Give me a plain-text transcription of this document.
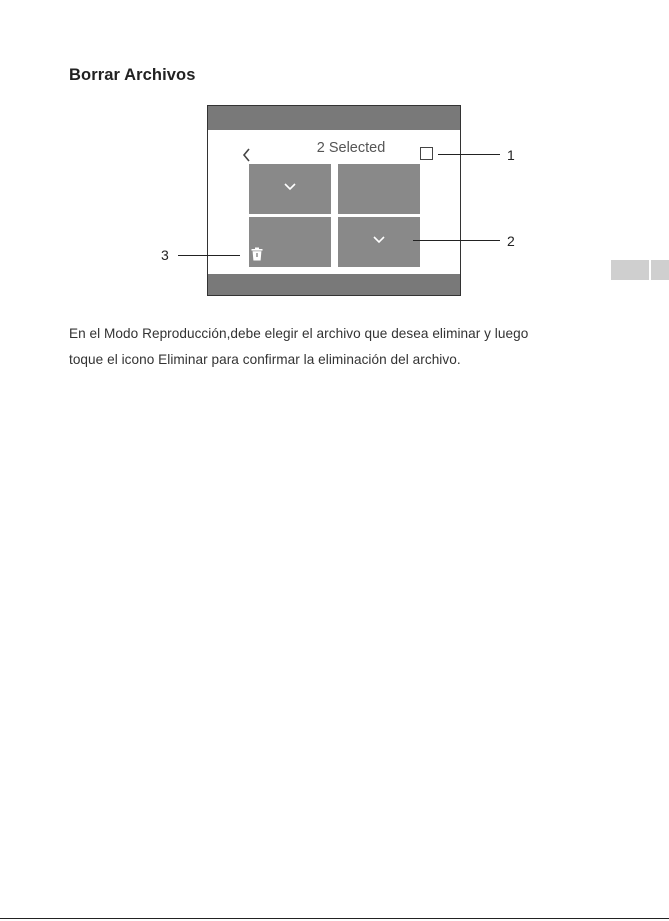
Borrar Archivos
2 Selected	1
2
3
En el Modo Reproducción,debe elegir el archivo que desea eliminar y luego
toque el icono Eliminar para confirmar la eliminación del archivo.
